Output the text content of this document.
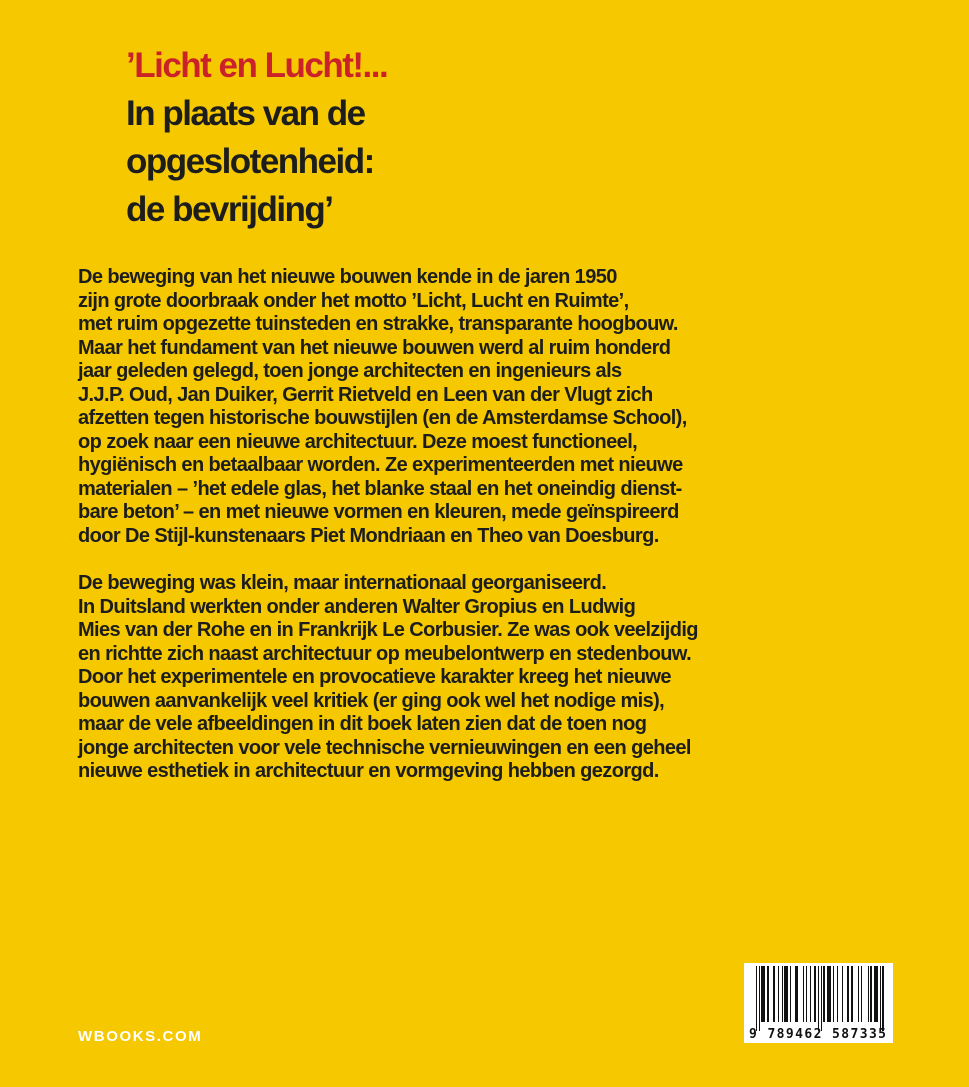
’Licht en Lucht!...
In plaats van de
opgeslotenheid:
de bevrijding’
De beweging van het nieuwe bouwen kende in de jaren 1950
zijn grote doorbraak onder het motto ’Licht, Lucht en Ruimte’,
met ruim opgezette tuinsteden en strakke, transparante hoogbouw.
Maar het fundament van het nieuwe bouwen werd al ruim honderd
jaar geleden gelegd, toen jonge architecten en ingenieurs als
J.J.P. Oud, Jan Duiker, Gerrit Rietveld en Leen van der Vlugt zich
afzetten tegen historische bouwstijlen (en de Amsterdamse School),
op zoek naar een nieuwe architectuur. Deze moest functioneel,
hygiënisch en betaalbaar worden. Ze experimenteerden met nieuwe
materialen – ’het edele glas, het blanke staal en het oneindig dienst-
bare beton’ – en met nieuwe vormen en kleuren, mede geïnspireerd
door De Stijl-kunstenaars Piet Mondriaan en Theo van Doesburg.
De beweging was klein, maar internationaal georganiseerd.
In Duitsland werkten onder anderen Walter Gropius en Ludwig
Mies van der Rohe en in Frankrijk Le Corbusier. Ze was ook veelzijdig
en richtte zich naast architectuur op meubelontwerp en stedenbouw.
Door het experimentele en provocatieve karakter kreeg het nieuwe
bouwen aanvankelijk veel kritiek (er ging ook wel het nodige mis),
maar de vele afbeeldingen in dit boek laten zien dat de toen nog
jonge architecten voor vele technische vernieuwingen en een geheel
nieuwe esthetiek in architectuur en vormgeving hebben gezorgd.
WBOOKS.COM	9 789462 587335
